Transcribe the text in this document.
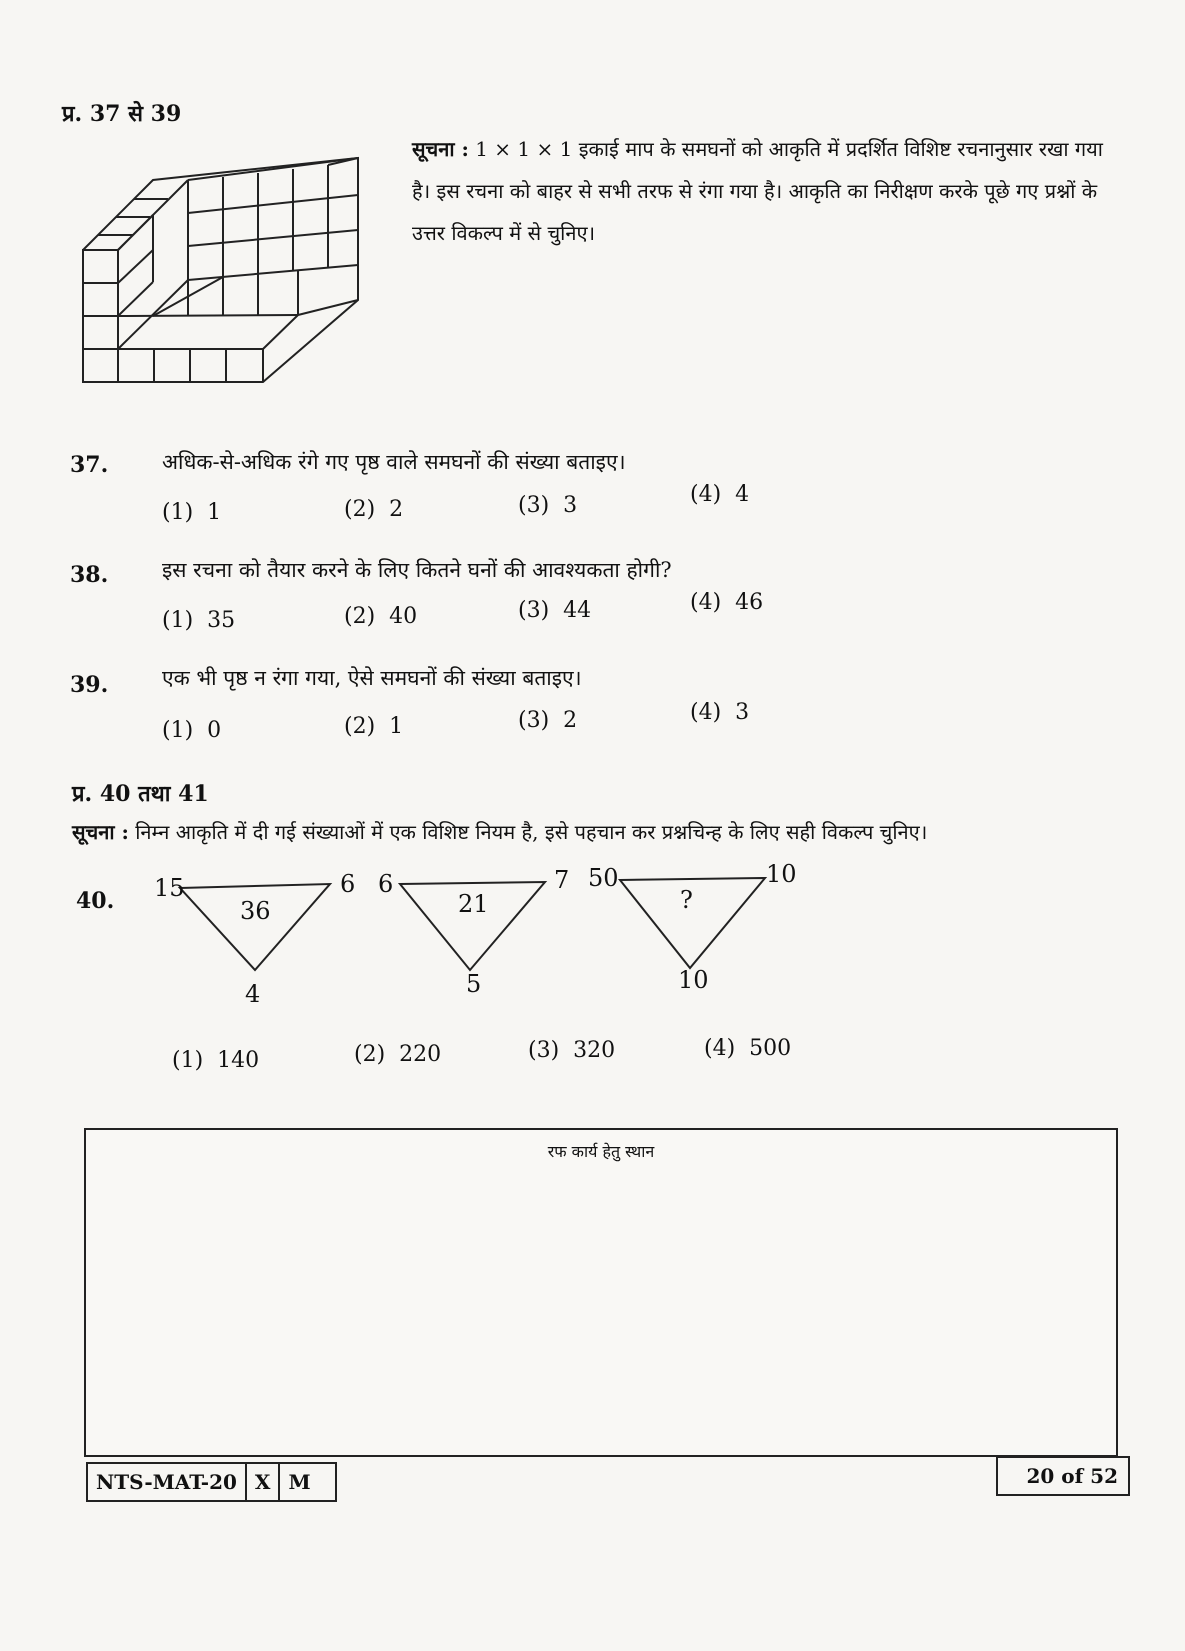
प्र. 37 से 39
सूचना : 1 × 1 × 1 इकाई माप के समघनों को आकृति में प्रदर्शित विशिष्ट रचनानुसार रखा गया है। इस रचना को बाहर से सभी तरफ से रंगा गया है। आकृति का निरीक्षण करके पूछे गए प्रश्नों के उत्तर विकल्प में से चुनिए।
37.	अधिक-से-अधिक रंगे गए पृष्ठ वाले समघनों की संख्या बताइए।
(1) 1	(2) 2	(3) 3	(4) 4
38.	इस रचना को तैयार करने के लिए कितने घनों की आवश्यकता होगी?
(1) 35	(2) 40	(3) 44	(4) 46
39.	एक भी पृष्ठ न रंगा गया, ऐसे समघनों की संख्या बताइए।
(1) 0	(2) 1	(3) 2	(4) 3
प्र. 40 तथा 41
सूचना : निम्न आकृति में दी गई संख्याओं में एक विशिष्ट नियम है, इसे पहचान कर प्रश्नचिन्ह के लिए सही विकल्प चुनिए।
40. 15	6
4
36
6	7
5
21
50	10
10
?
(1) 140	(2) 220	(3) 320	(4) 500
रफ कार्य हेतु स्थान
NTS-MAT-20 X M	20 of 52
